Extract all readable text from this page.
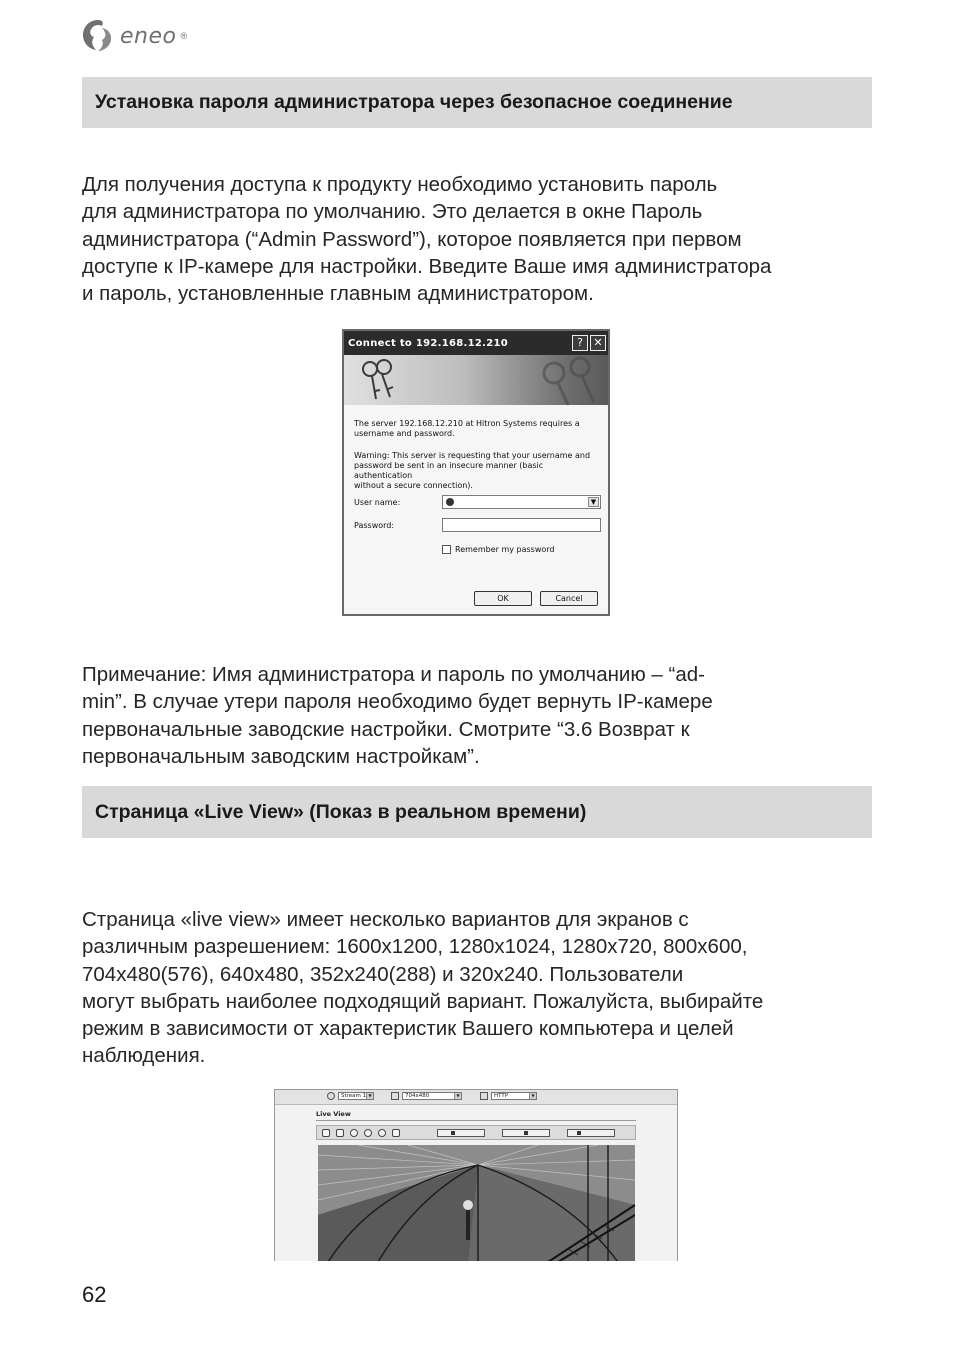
eneo ®
Установка пароля администратора через безопасное соединение
Для получения доступа к продукту необходимо установить пароль
для администратора по умолчанию. Это делается в окне Пароль
администратора (“Admin Password”), которое появляется при первом
доступе к IP-камере для настройки. Введите Ваше имя администратора
и пароль, установленные главным администратором.
Connect to 192.168.12.210	? ✕

The server 192.168.12.210 at Hitron Systems requires a
username and password.

Warning: This server is requesting that your username and
password be sent in an insecure manner (basic authentication
without a secure connection).

User name:	▼
Password:
Remember my password
OK	Cancel
Примечание: Имя администратора и пароль по умолчанию – “ad-
min”. В случае утери пароля необходимо будет вернуть IP-камере
первоначальные заводские настройки. Смотрите “3.6 Возврат к
первоначальным заводским настройкам”.
Страница «Live View» (Показ в реальном времени)
Страница «live view» имеет несколько вариантов для экранов с
различным разрешением: 1600x1200, 1280x1024, 1280x720, 800x600,
704x480(576), 640x480, 352x240(288) и 320x240. Пользователи
могут выбрать наиболее подходящий вариант. Пожалуйста, выбирайте
режим в зависимости от характеристик Вашего компьютера и целей
наблюдения.
Stream 1 ▼	704x480	▼	HTTP	▼
Live View
62
